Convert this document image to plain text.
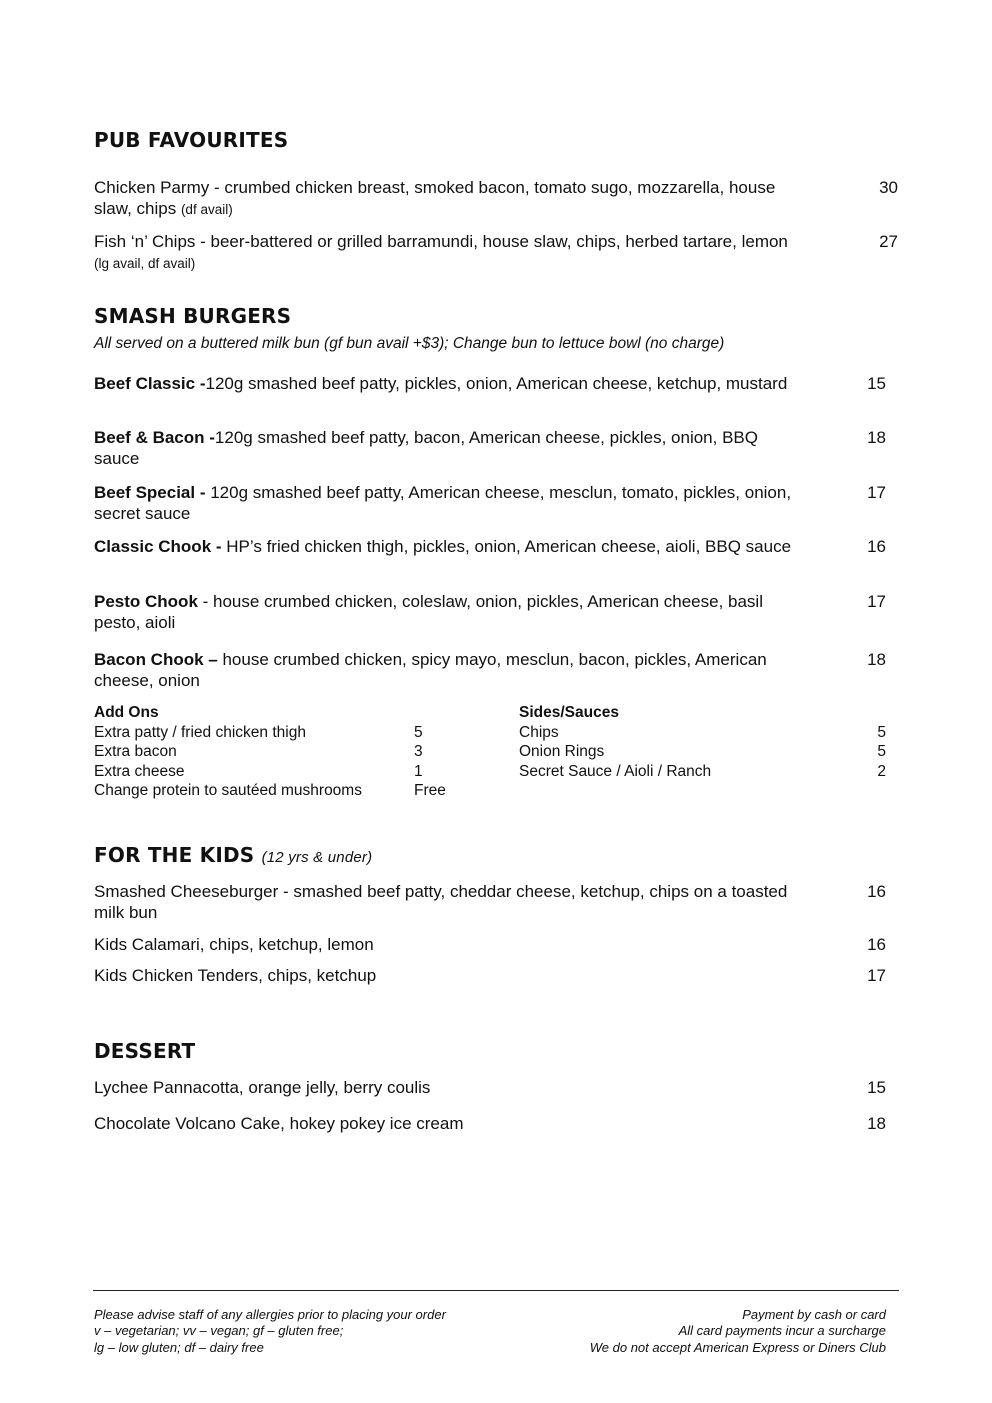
PUB FAVOURITES
Chicken Parmy - crumbed chicken breast, smoked bacon, tomato sugo, mozzarella, house slaw, chips (df avail)
30
Fish ‘n’ Chips - beer-battered or grilled barramundi, house slaw, chips, herbed tartare, lemon (lg avail, df avail)
27
SMASH BURGERS
All served on a buttered milk bun (gf bun avail +$3); Change bun to lettuce bowl (no charge)
Beef Classic -120g smashed beef patty, pickles, onion, American cheese, ketchup, mustard	15
Beef & Bacon -120g smashed beef patty, bacon, American cheese, pickles, onion, BBQ sauce
18
Beef Special - 120g smashed beef patty, American cheese, mesclun, tomato, pickles, onion, secret sauce
17
Classic Chook - HP’s fried chicken thigh, pickles, onion, American cheese, aioli, BBQ sauce	16
Pesto Chook - house crumbed chicken, coleslaw, onion, pickles, American cheese, basil pesto, aioli
17
Bacon Chook – house crumbed chicken, spicy mayo, mesclun, bacon, pickles, American cheese, onion
18
Add Ons
Extra patty / fried chicken thigh	5
Extra bacon	3
Extra cheese	1
Change protein to sautéed mushrooms	Free
Sides/Sauces
Chips	5
Onion Rings	5
Secret Sauce / Aioli / Ranch	2
FOR THE KIDS (12 yrs & under)
Smashed Cheeseburger - smashed beef patty, cheddar cheese, ketchup, chips on a toasted milk bun
16
Kids Calamari, chips, ketchup, lemon	16
Kids Chicken Tenders, chips, ketchup	17
DESSERT
Lychee Pannacotta, orange jelly, berry coulis	15
Chocolate Volcano Cake, hokey pokey ice cream	18
Please advise staff of any allergies prior to placing your order
v – vegetarian; vv – vegan; gf – gluten free;
lg – low gluten; df – dairy free
Payment by cash or card
All card payments incur a surcharge
We do not accept American Express or Diners Club
